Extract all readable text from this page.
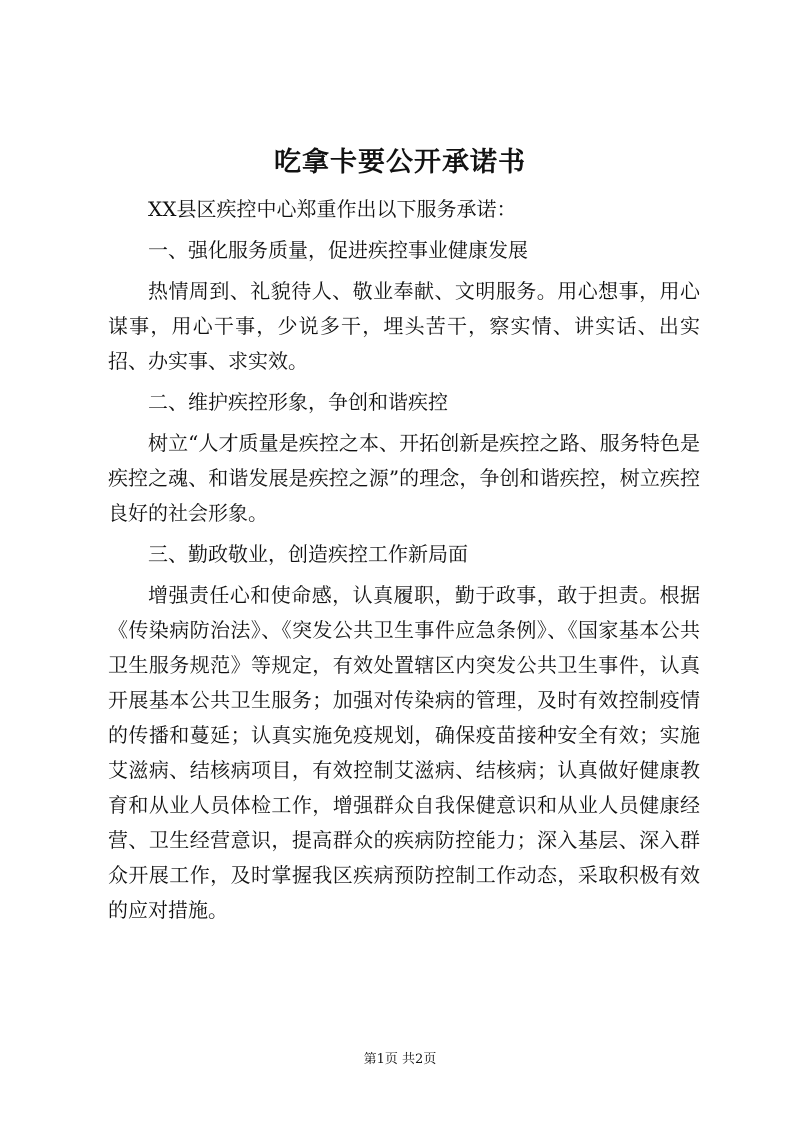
吃拿卡要公开承诺书

XX县区疾控中心郑重作出以下服务承诺：

一、强化服务质量，促进疾控事业健康发展

热情周到、礼貌待人、敬业奉献、文明服务。用心想事，用心谋事，用心干事，少说多干，埋头苦干，察实情、讲实话、出实招、办实事、求实效。

二、维护疾控形象，争创和谐疾控

树立“人才质量是疾控之本、开拓创新是疾控之路、服务特色是疾控之魂、和谐发展是疾控之源”的理念，争创和谐疾控，树立疾控良好的社会形象。

三、勤政敬业，创造疾控工作新局面

增强责任心和使命感，认真履职，勤于政事，敢于担责。根据《传染病防治法》、《突发公共卫生事件应急条例》、《国家基本公共卫生服务规范》等规定，有效处置辖区内突发公共卫生事件，认真开展基本公共卫生服务；加强对传染病的管理，及时有效控制疫情的传播和蔓延；认真实施免疫规划，确保疫苗接种安全有效；实施艾滋病、结核病项目，有效控制艾滋病、结核病；认真做好健康教育和从业人员体检工作，增强群众自我保健意识和从业人员健康经营、卫生经营意识，提高群众的疾病防控能力；深入基层、深入群众开展工作，及时掌握我区疾病预防控制工作动态，采取积极有效的应对措施。

第1页 共2页
